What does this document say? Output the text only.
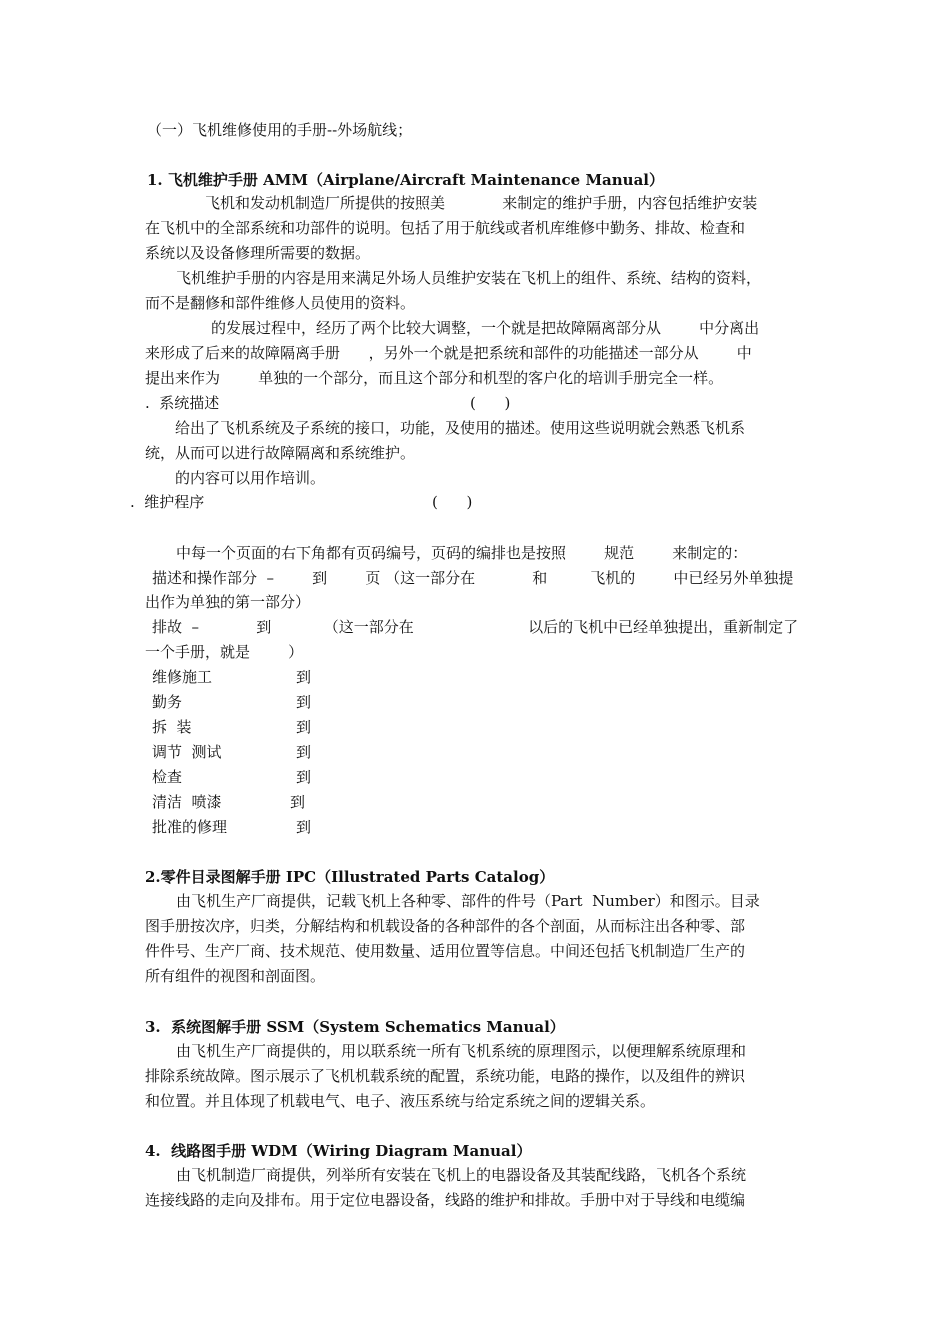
（一）飞机维修使用的手册--外场航线；
1. 飞机维护手册 AMM（Airplane/Aircraft Maintenance Manual）
飞机和发动机制造厂所提供的按照美            来制定的维护手册，内容包括维护安装
在飞机中的全部系统和功部件的说明。包括了用于航线或者机库维修中勤务、排故、检查和
系统以及设备修理所需要的数据。
飞机维护手册的内容是用来满足外场人员维护安装在飞机上的组件、系统、结构的资料，
而不是翻修和部件维修人员使用的资料。
的发展过程中，经历了两个比较大调整，一个就是把故障隔离部分从        中分离出
来形成了后来的故障隔离手册      ，另外一个就是把系统和部件的功能描述一部分从        中
提出来作为        单独的一个部分，而且这个部分和机型的客户化的培训手册完全一样。
.  系统描述	(      )
给出了飞机系统及子系统的接口，功能，及使用的描述。使用这些说明就会熟悉飞机系
统，从而可以进行故障隔离和系统维护。
的内容可以用作培训。
.  维护程序	(      )
中每一个页面的右下角都有页码编号，页码的编排也是按照        规范        来制定的：
描述和操作部分  –        到        页 （这一部分在            和         飞机的        中已经另外单独提
出作为单独的第一部分）
排故  –            到           （这一部分在                        以后的飞机中已经单独提出，重新制定了
一个手册，就是        ）
维修施工	到
勤务	到
拆  装	到
调节  测试	到
检查	到
清洁  喷漆	到
批准的修理	到
2.零件目录图解手册 IPC（Illustrated Parts Catalog）
由飞机生产厂商提供，记载飞机上各种零、部件的件号（Part  Number）和图示。目录
图手册按次序，归类，分解结构和机载设备的各种部件的各个剖面，从而标注出各种零、部
件件号、生产厂商、技术规范、使用数量、适用位置等信息。中间还包括飞机制造厂生产的
所有组件的视图和剖面图。
3.  系统图解手册 SSM（System Schematics Manual）
由飞机生产厂商提供的，用以联系统一所有飞机系统的原理图示，以便理解系统原理和
排除系统故障。图示展示了飞机机载系统的配置，系统功能，电路的操作，以及组件的辨识
和位置。并且体现了机载电气、电子、液压系统与给定系统之间的逻辑关系。
4.  线路图手册 WDM（Wiring Diagram Manual）
由飞机制造厂商提供，列举所有安装在飞机上的电器设备及其装配线路，飞机各个系统
连接线路的走向及排布。用于定位电器设备，线路的维护和排故。手册中对于导线和电缆编
